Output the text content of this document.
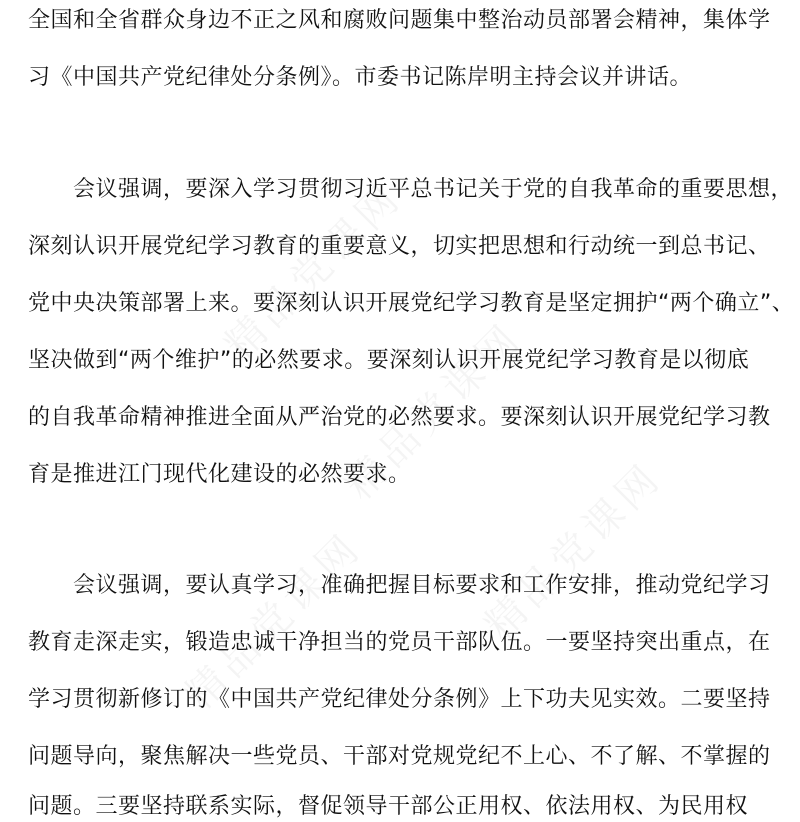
全国和全省群众身边不正之风和腐败问题集中整治动员部署会精神，集体学
习《中国共产党纪律处分条例》。市委书记陈岸明主持会议并讲话。
　　会议强调，要深入学习贯彻习近平总书记关于党的自我革命的重要思想，
深刻认识开展党纪学习教育的重要意义，切实把思想和行动统一到总书记、
党中央决策部署上来。要深刻认识开展党纪学习教育是坚定拥护“两个确立”、
坚决做到“两个维护”的必然要求。要深刻认识开展党纪学习教育是以彻底
的自我革命精神推进全面从严治党的必然要求。要深刻认识开展党纪学习教
育是推进江门现代化建设的必然要求。
　　会议强调，要认真学习，准确把握目标要求和工作安排，推动党纪学习
教育走深走实，锻造忠诚干净担当的党员干部队伍。一要坚持突出重点，在
学习贯彻新修订的《中国共产党纪律处分条例》上下功夫见实效。二要坚持
问题导向，聚焦解决一些党员、干部对党规党纪不上心、不了解、不掌握的
问题。三要坚持联系实际，督促领导干部公正用权、依法用权、为民用权
